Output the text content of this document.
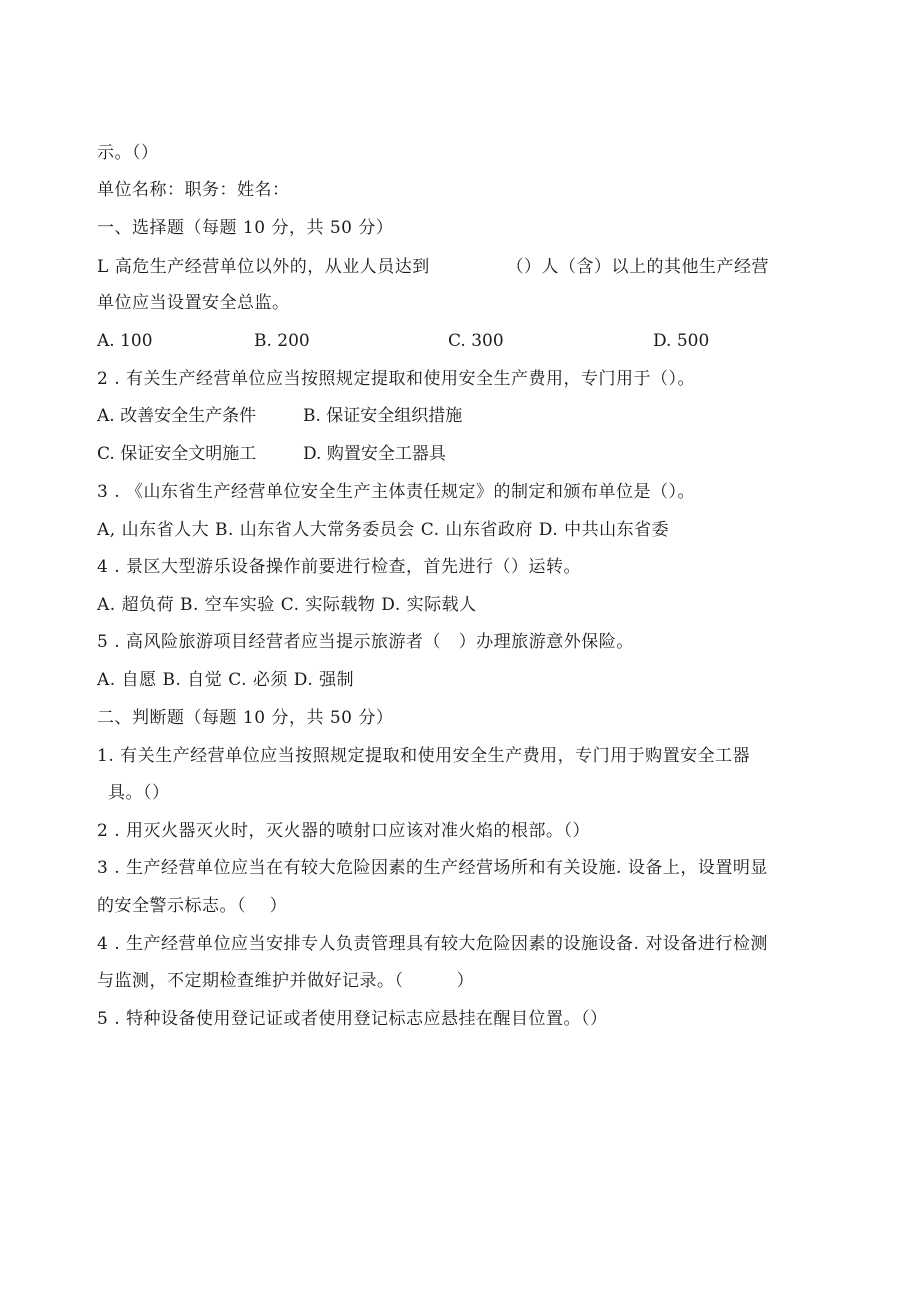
示。（）
单位名称：职务：姓名：
一、选择题（每题 10 分，共 50 分）
L 高危生产经营单位以外的，从业人员达到             （）人（含）以上的其他生产经营
单位应当设置安全总监。
A. 100	B. 200	C. 300	D. 500
2 . 有关生产经营单位应当按照规定提取和使用安全生产费用，专门用于（）。
A. 改善安全生产条件	B. 保证安全组织措施
C. 保证安全文明施工	D. 购置安全工器具
3 . 《山东省生产经营单位安全生产主体责任规定》的制定和颁布单位是（）。
A, 山东省人大 B. 山东省人大常务委员会 C. 山东省政府 D. 中共山东省委
4 . 景区大型游乐设备操作前要进行检查，首先进行（）运转。
A. 超负荷 B. 空车实验 C. 实际载物 D. 实际载人
5 . 高风险旅游项目经营者应当提示旅游者（   ）办理旅游意外保险。
A. 自愿 B. 自觉 C. 必须 D. 强制
二、判断题（每题 10 分，共 50 分）
1. 有关生产经营单位应当按照规定提取和使用安全生产费用，专门用于购置安全工器
具。（）
2 . 用灭火器灭火时，灭火器的喷射口应该对准火焰的根部。（）
3 . 生产经营单位应当在有较大危险因素的生产经营场所和有关设施. 设备上，设置明显
的安全警示标志。（    ）
4 . 生产经营单位应当安排专人负责管理具有较大危险因素的设施设备. 对设备进行检测
与监测，不定期检查维护并做好记录。（         ）
5 . 特种设备使用登记证或者使用登记标志应悬挂在醒目位置。（）
